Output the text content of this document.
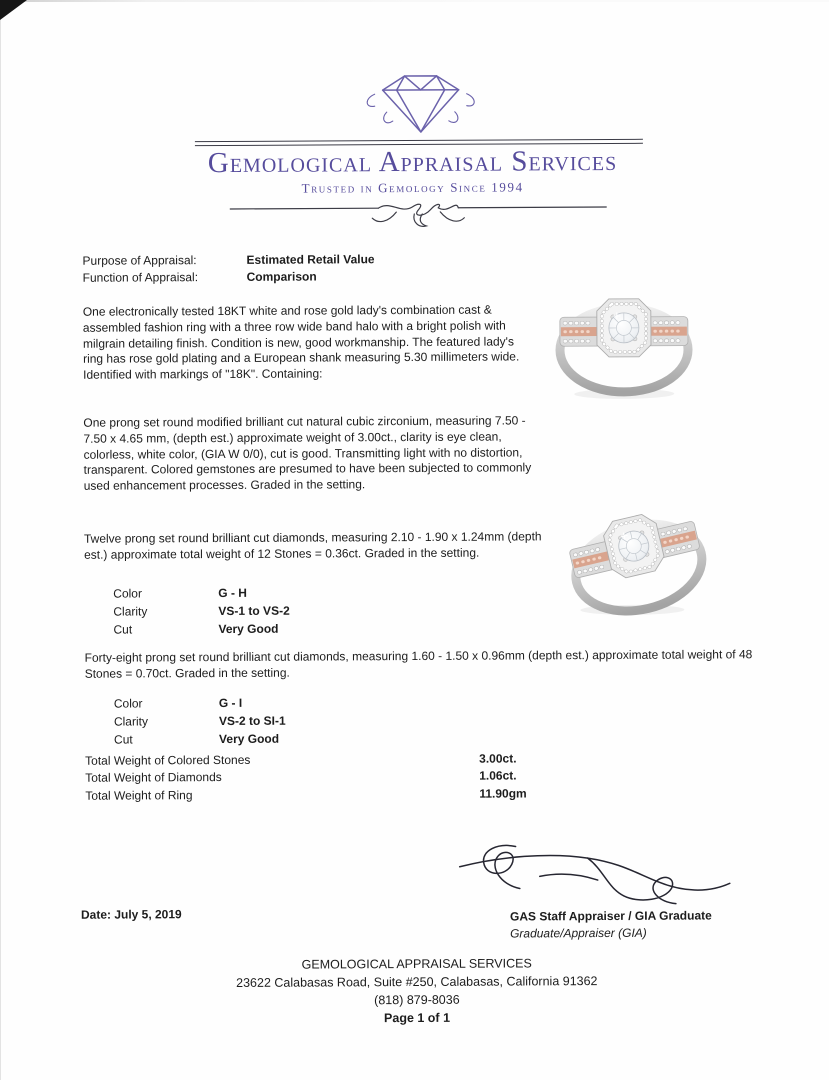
Gemological Appraisal Services
Trusted in Gemology Since 1994
Purpose of Appraisal:	Estimated Retail Value
Function of Appraisal:	Comparison
One electronically tested 18KT white and rose gold lady's combination cast & assembled fashion ring with a three row wide band halo with a bright polish with milgrain detailing finish. Condition is new, good workmanship. The featured lady's ring has rose gold plating and a European shank measuring 5.30 millimeters wide. Identified with markings of "18K". Containing:
One prong set round modified brilliant cut natural cubic zirconium, measuring 7.50 - 7.50 x 4.65 mm, (depth est.) approximate weight of 3.00ct., clarity is eye clean, colorless, white color, (GIA W 0/0), cut is good. Transmitting light with no distortion, transparent. Colored gemstones are presumed to have been subjected to commonly used enhancement processes. Graded in the setting.
Twelve prong set round brilliant cut diamonds, measuring 2.10 - 1.90 x 1.24mm (depth est.) approximate total weight of 12 Stones = 0.36ct. Graded in the setting.
Color	G - H
Clarity	VS-1 to VS-2
Cut	Very Good
Forty-eight prong set round brilliant cut diamonds, measuring 1.60 - 1.50 x 0.96mm (depth est.) approximate total weight of 48 Stones = 0.70ct. Graded in the setting.
Color	G - I
Clarity	VS-2 to SI-1
Cut	Very Good
Total Weight of Colored Stones	3.00ct.
Total Weight of Diamonds	1.06ct.
Total Weight of Ring	11.90gm
Date: July 5, 2019	GAS Staff Appraiser / GIA Graduate
Graduate/Appraiser (GIA)
GEMOLOGICAL APPRAISAL SERVICES
23622 Calabasas Road, Suite #250, Calabasas, California 91362
(818) 879-8036
Page 1 of 1
